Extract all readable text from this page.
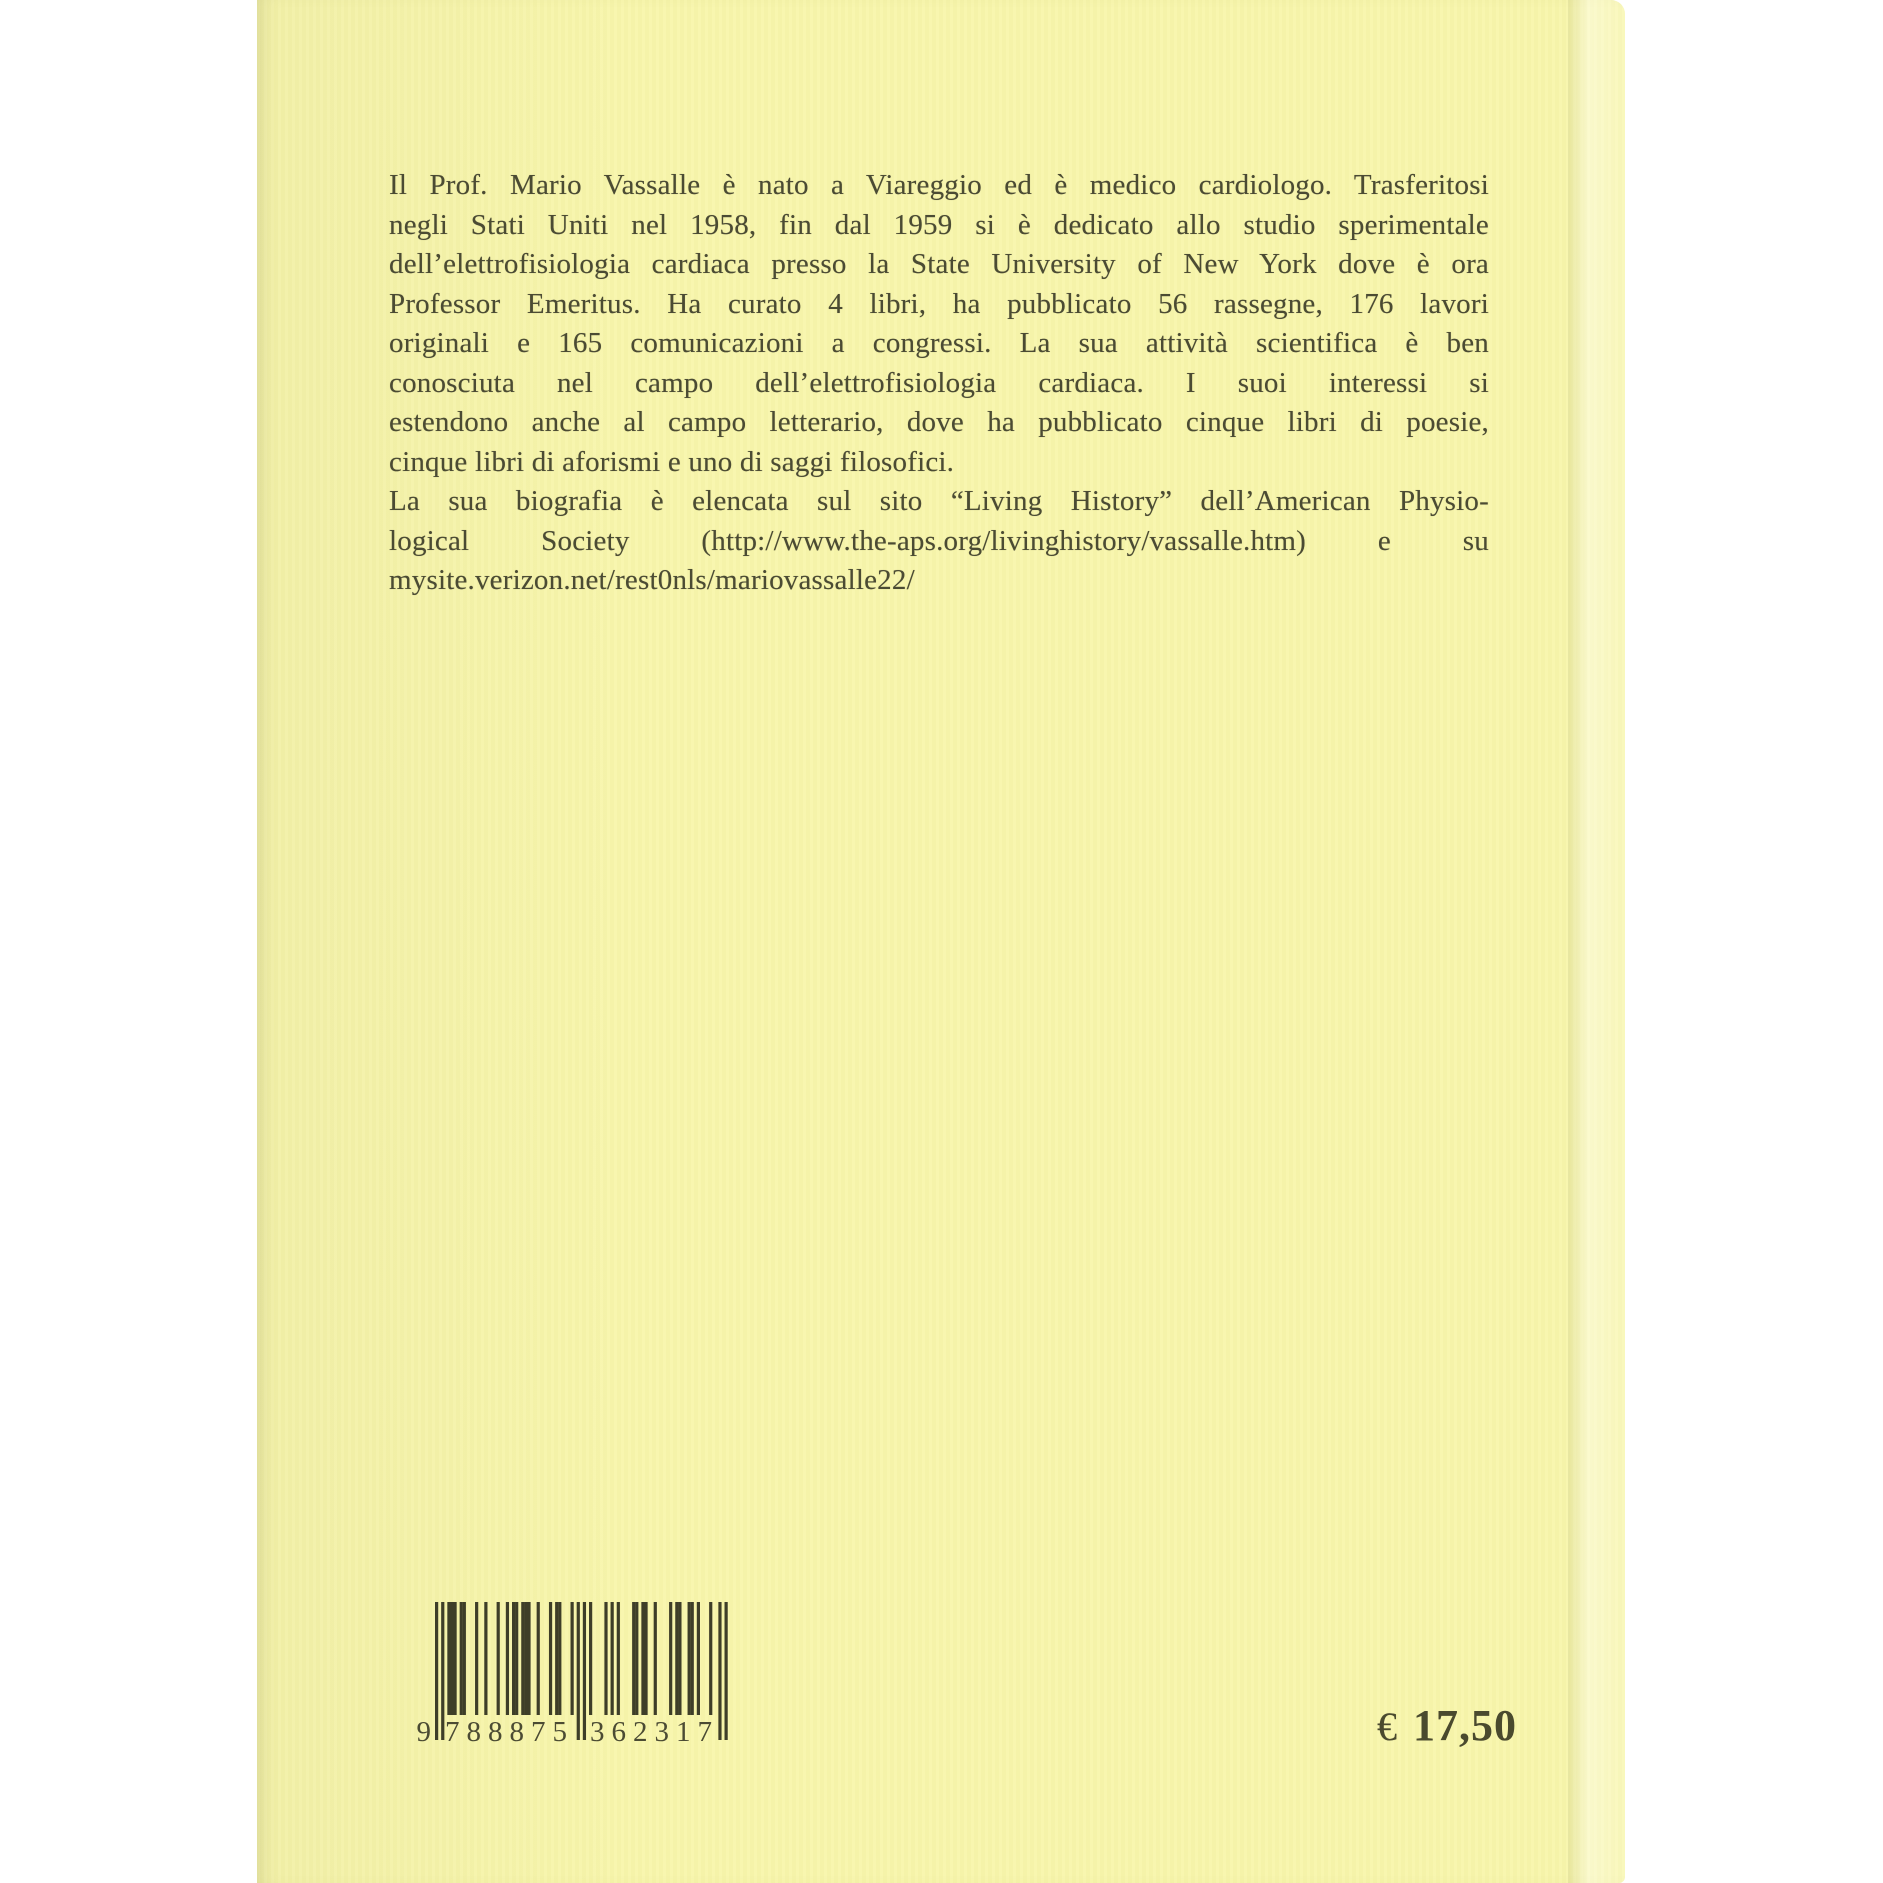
Il Prof. Mario Vassalle è nato a Viareggio ed è medico cardiologo. Trasferitosi
negli Stati Uniti nel 1958, fin dal 1959 si è dedicato allo studio sperimentale
dell’elettrofisiologia cardiaca presso la State University of New York dove è ora
Professor Emeritus. Ha curato 4 libri, ha pubblicato 56 rassegne, 176 lavori
originali e 165 comunicazioni a congressi. La sua attività scientifica è ben
conosciuta nel campo dell’elettrofisiologia cardiaca. I suoi interessi si
estendono anche al campo letterario, dove ha pubblicato cinque libri di poesie,
cinque libri di aforismi e uno di saggi filosofici.
La sua biografia è elencata sul sito “Living History” dell’American Physio-
logical Society (http://www.the-aps.org/livinghistory/vassalle.htm) e su
mysite.verizon.net/rest0nls/mariovassalle22/
9 788875 362317	€ 17,50
